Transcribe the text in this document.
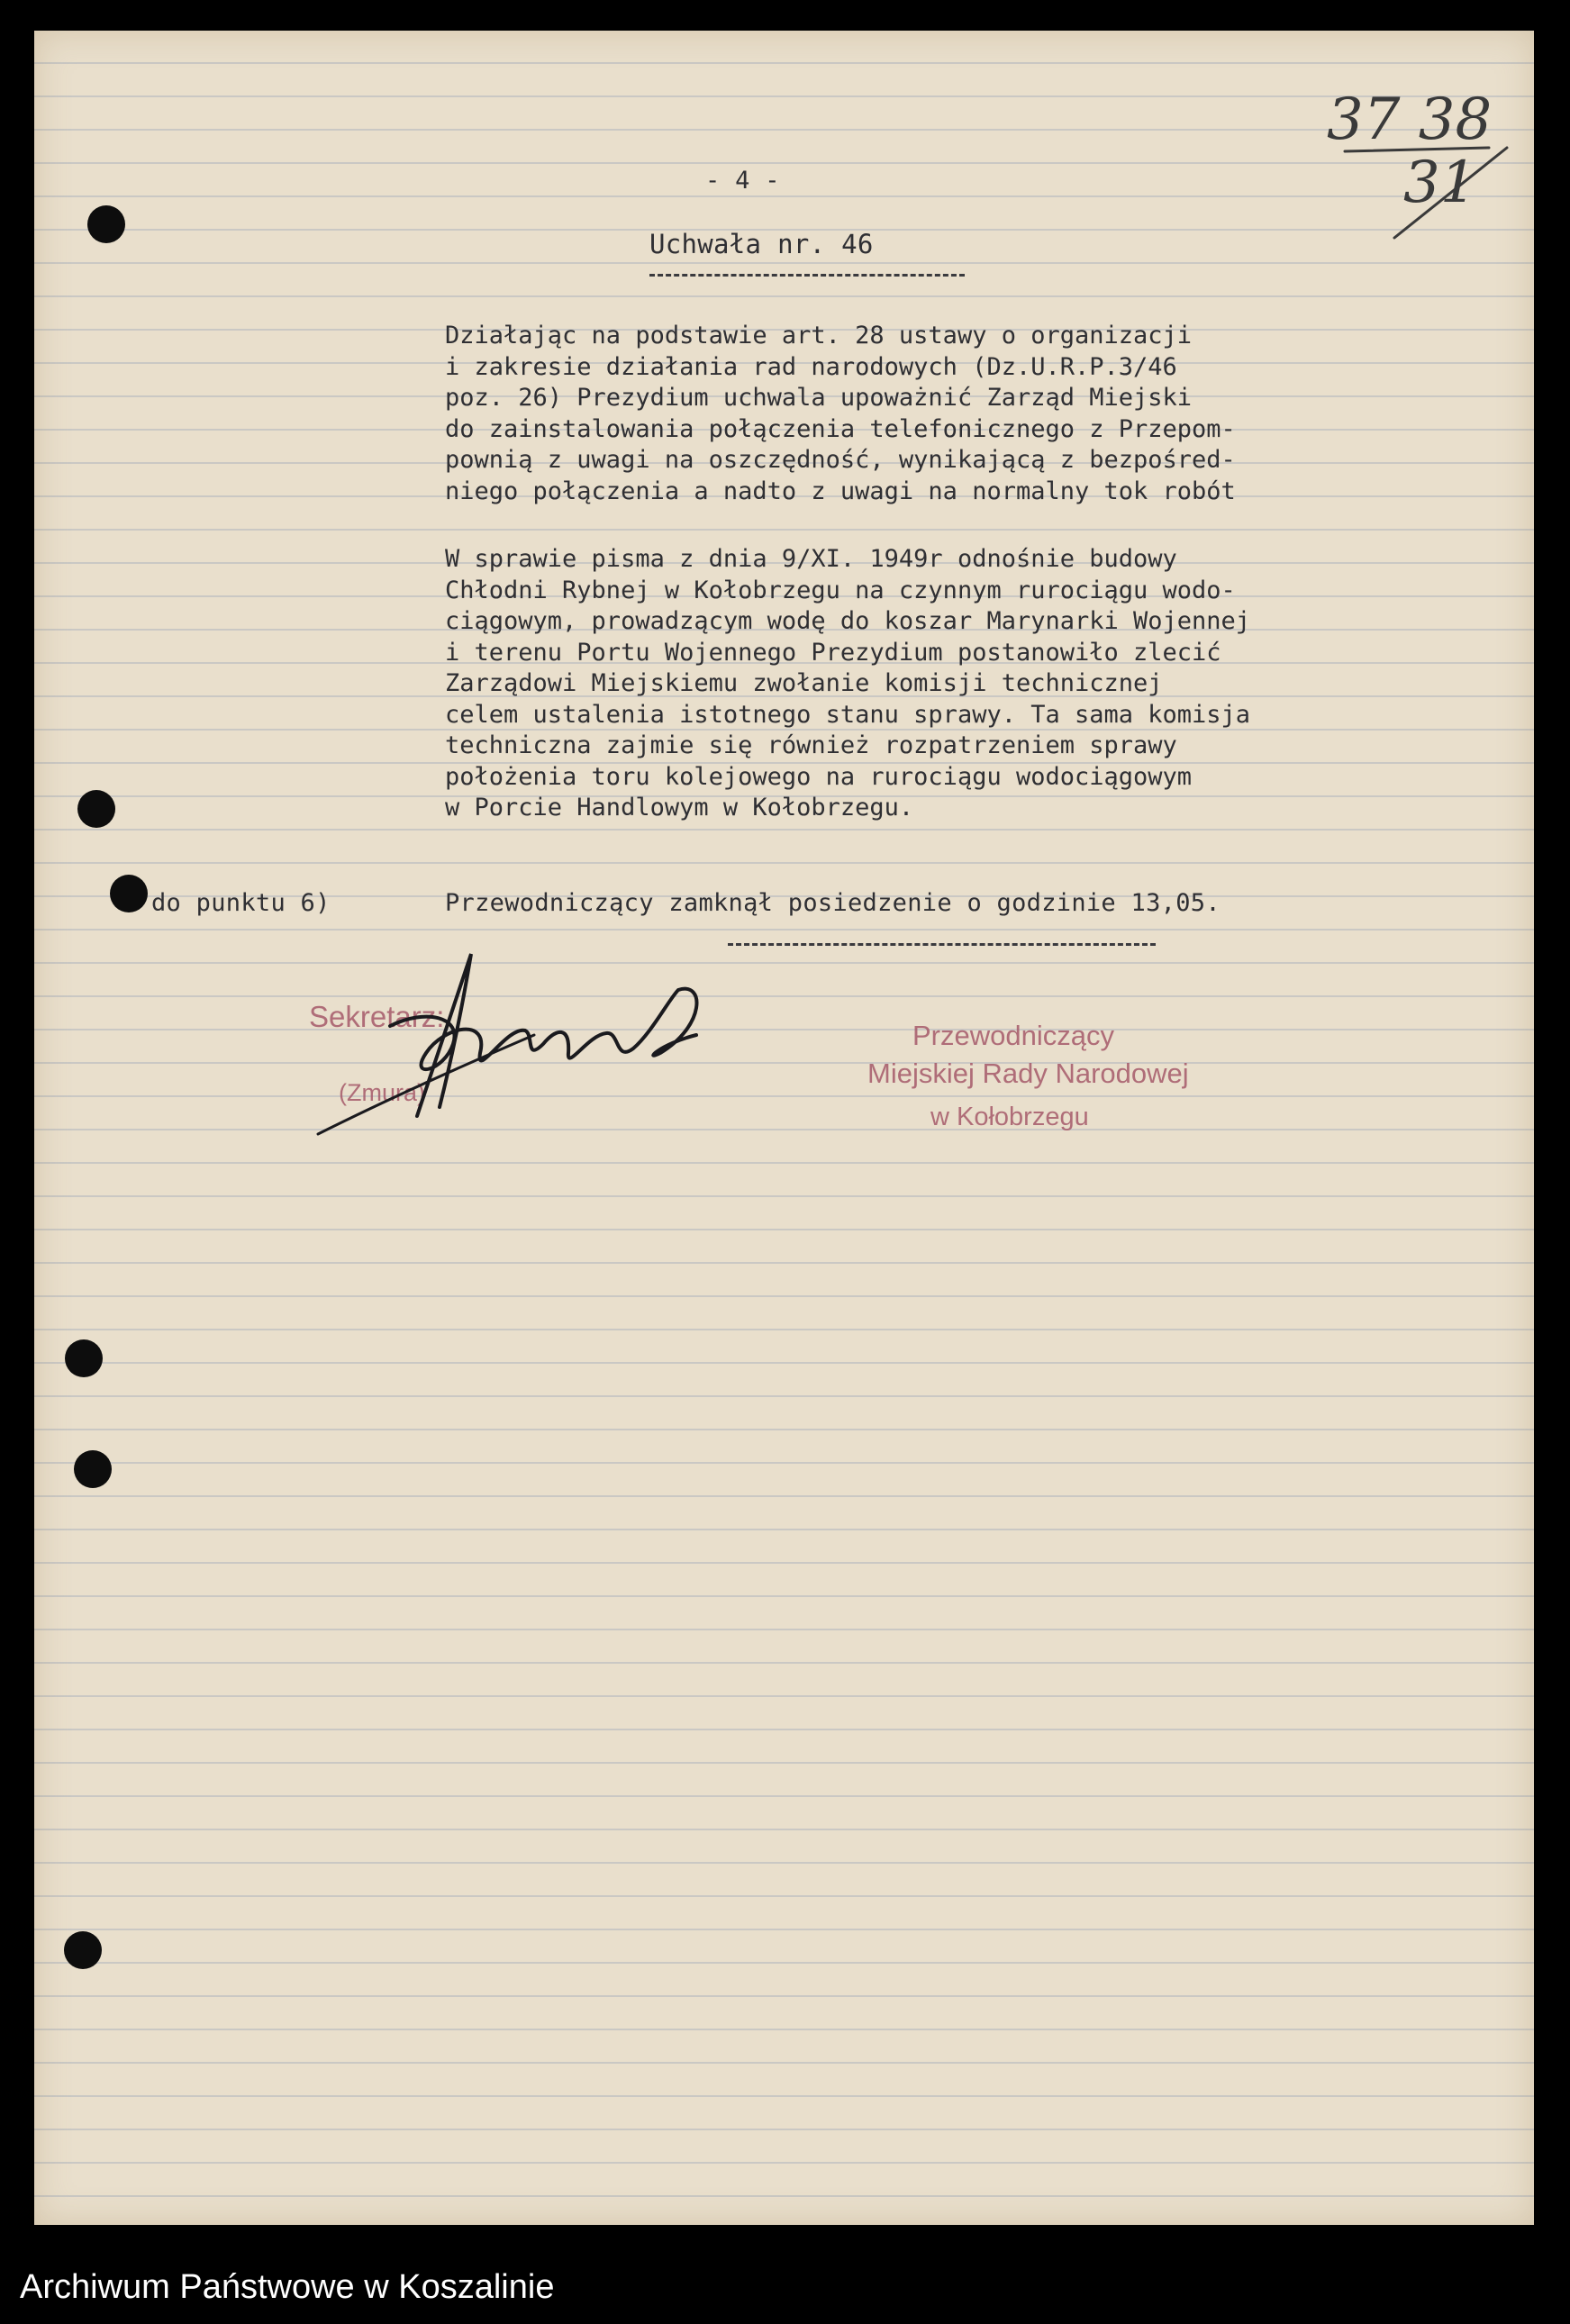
37 38
31
- 4 -
Uchwała nr. 46
Działając na podstawie art. 28 ustawy o organizacji
i zakresie działania rad narodowych (Dz.U.R.P.3/46
poz. 26) Prezydium uchwala upoważnić Zarząd Miejski
do zainstalowania połączenia telefonicznego z Przepom-
pownią z uwagi na oszczędność, wynikającą z bezpośred-
niego połączenia a nadto z uwagi na normalny tok robót
W sprawie pisma z dnia 9/XI. 1949r odnośnie budowy
Chłodni Rybnej w Kołobrzegu na czynnym rurociągu wodo-
ciągowym, prowadzącym wodę do koszar Marynarki Wojennej
i terenu Portu Wojennego Prezydium postanowiło zlecić
Zarządowi Miejskiemu zwołanie komisji technicznej
celem ustalenia istotnego stanu sprawy. Ta sama komisja
techniczna zajmie się również rozpatrzeniem sprawy
położenia toru kolejowego na rurociągu wodociągowym
w Porcie Handlowym w Kołobrzegu.
do punktu 6)	Przewodniczący zamknął posiedzenie o godzinie 13,05.
Sekretarz:
(Zmura)
Przewodniczący
Miejskiej Rady Narodowej
w Kołobrzegu
Archiwum Państwowe w Koszalinie
